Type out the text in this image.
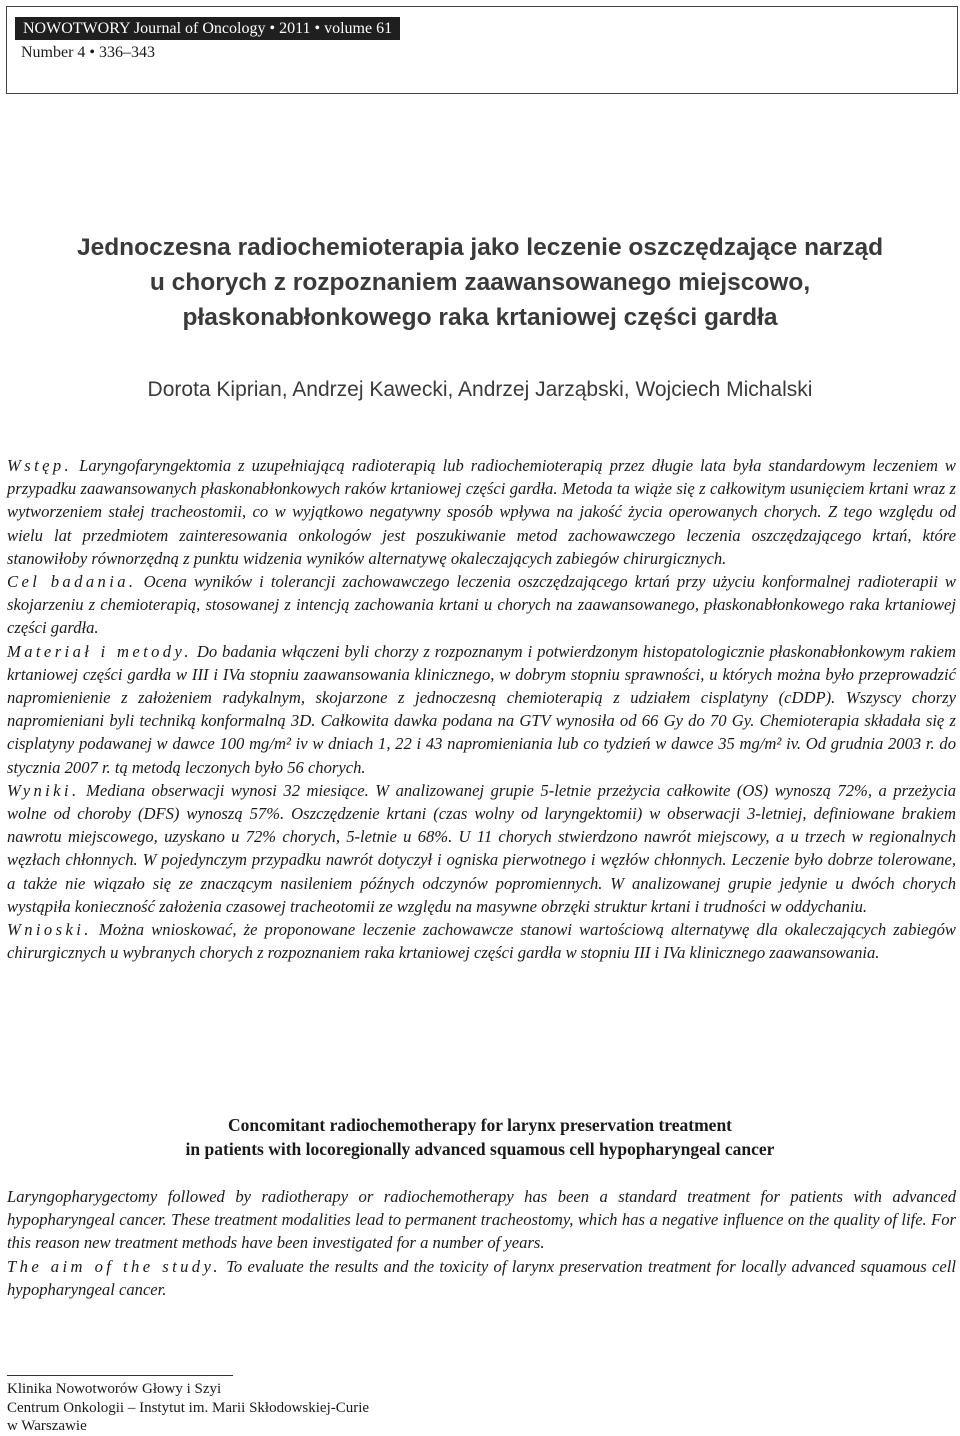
NOWOTWORY Journal of Oncology • 2011 • volume 61
Number 4 • 336–343
Jednoczesna radiochemioterapia jako leczenie oszczędzające narząd
u chorych z rozpoznaniem zaawansowanego miejscowo,
płaskonabłonkowego raka krtaniowej części gardła
Dorota Kiprian, Andrzej Kawecki, Andrzej Jarząbski, Wojciech Michalski

Wstęp. Laryngofaryngektomia z uzupełniającą radioterapią lub radiochemioterapią przez długie lata była standardowym leczeniem w przypadku zaawansowanych płaskonabłonkowych raków krtaniowej części gardła. Metoda ta wiąże się z całkowitym usunięciem krtani wraz z wytworzeniem stałej tracheostomii, co w wyjątkowo negatywny sposób wpływa na jakość życia operowanych chorych. Z tego względu od wielu lat przedmiotem zainteresowania onkologów jest poszukiwanie metod zachowawczego leczenia oszczędzającego krtań, które stanowiłoby równorzędną z punktu widzenia wyników alternatywę okaleczających zabiegów chirurgicznych.

Cel badania. Ocena wyników i tolerancji zachowawczego leczenia oszczędzającego krtań przy użyciu konformalnej radioterapii w skojarzeniu z chemioterapią, stosowanej z intencją zachowania krtani u chorych na zaawansowanego, płaskonabłonkowego raka krtaniowej części gardła.

Materiał i metody. Do badania włączeni byli chorzy z rozpoznanym i potwierdzonym histopatologicznie płaskonabłonkowym rakiem krtaniowej części gardła w III i IVa stopniu zaawansowania klinicznego, w dobrym stopniu sprawności, u których można było przeprowadzić napromienienie z założeniem radykalnym, skojarzone z jednoczesną chemioterapią z udziałem cisplatyny (cDDP). Wszyscy chorzy napromieniani byli techniką konformalną 3D. Całkowita dawka podana na GTV wynosiła od 66 Gy do 70 Gy. Chemioterapia składała się z cisplatyny podawanej w dawce 100 mg/m² iv w dniach 1, 22 i 43 napromieniania lub co tydzień w dawce 35 mg/m² iv. Od grudnia 2003 r. do stycznia 2007 r. tą metodą leczonych było 56 chorych.

Wyniki. Mediana obserwacji wynosi 32 miesiące. W analizowanej grupie 5-letnie przeżycia całkowite (OS) wynoszą 72%, a przeżycia wolne od choroby (DFS) wynoszą 57%. Oszczędzenie krtani (czas wolny od laryngektomii) w obserwacji 3-letniej, definiowane brakiem nawrotu miejscowego, uzyskano u 72% chorych, 5-letnie u 68%. U 11 chorych stwierdzono nawrót miejscowy, a u trzech w regionalnych węzłach chłonnych. W pojedynczym przypadku nawrót dotyczył i ogniska pierwotnego i węzłów chłonnych. Leczenie było dobrze tolerowane, a także nie wiązało się ze znaczącym nasileniem późnych odczynów popromiennych. W analizowanej grupie jedynie u dwóch chorych wystąpiła konieczność założenia czasowej tracheotomii ze względu na masywne obrzęki struktur krtani i trudności w oddychaniu.

Wnioski. Można wnioskować, że proponowane leczenie zachowawcze stanowi wartościową alternatywę dla okaleczających zabiegów chirurgicznych u wybranych chorych z rozpoznaniem raka krtaniowej części gardła w stopniu III i IVa klinicznego zaawansowania.

Concomitant radiochemotherapy for larynx preservation treatment
in patients with locoregionally advanced squamous cell hypopharyngeal cancer

Laryngopharygectomy followed by radiotherapy or radiochemotherapy has been a standard treatment for patients with advanced hypopharyngeal cancer. These treatment modalities lead to permanent tracheostomy, which has a negative influence on the quality of life. For this reason new treatment methods have been investigated for a number of years.

The aim of the study. To evaluate the results and the toxicity of larynx preservation treatment for locally advanced squamous cell hypopharyngeal cancer.

Klinika Nowotworów Głowy i Szyi
Centrum Onkologii – Instytut im. Marii Skłodowskiej-Curie
w Warszawie
